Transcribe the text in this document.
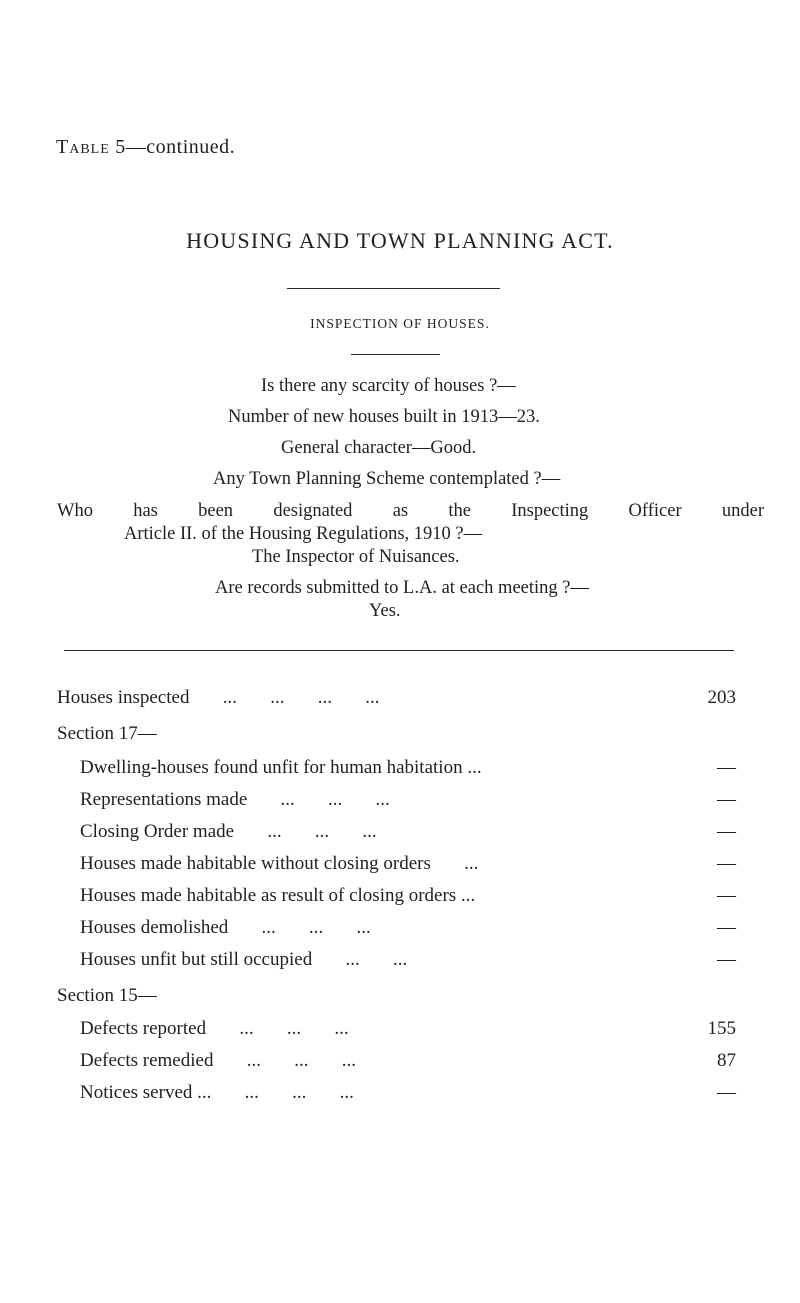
Table 5—continued.
HOUSING AND TOWN PLANNING ACT.
INSPECTION OF HOUSES.
Is there any scarcity of houses ?—
Number of new houses built in 1913—23.
General character—Good.
Any Town Planning Scheme contemplated ?—
Who has been designated as the Inspecting Officer under
Article II. of the Housing Regulations, 1910 ?—
The Inspector of Nuisances.
Are records submitted to L.A. at each meeting ?—
Yes.
Houses inspected       ...       ...       ...       ...	203
Section 17—
Dwelling-houses found unfit for human habitation ...	—
Representations made       ...       ...       ...	—
Closing Order made       ...       ...       ...	—
Houses made habitable without closing orders       ...	—
Houses made habitable as result of closing orders ...	—
Houses demolished       ...       ...       ...	—
Houses unfit but still occupied       ...       ...	—
Section 15—
Defects reported       ...       ...       ...	155
Defects remedied       ...       ...       ...	87
Notices served ...       ...       ...       ...	—
